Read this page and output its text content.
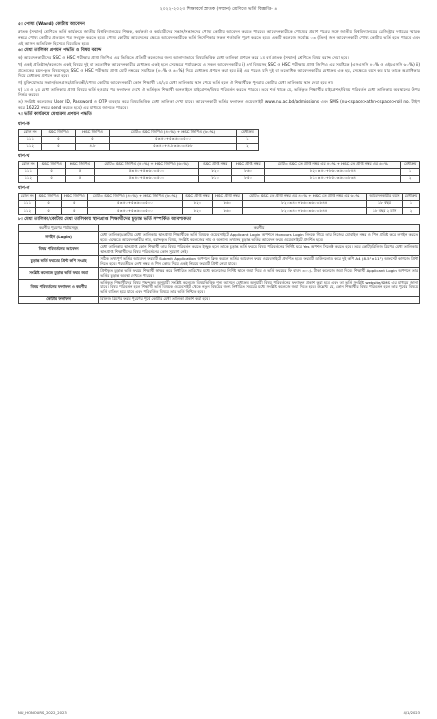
২০২২-২০২৩ শিক্ষাবর্ষে স্নাতক (সম্মান) শ্রেণিতে ভর্তি বিজ্ঞপ্তি- ৪
৫। পোষ্য (Ward) কোটায় আবেদন
স্নাতক (সম্মান) শ্রেণিতে ভর্তি কার্যক্রমে জাতীয় বিশ্ববিদ্যালয়ের শিক্ষক, কর্মকর্তা ও কর্মচারীদের সন্তান/সন্তানদের পোষ্য কোটায় আবেদন করতে পারবে। আবেদনকারীকে পোষ্যের প্রমাণ পত্রের সঙ্গে জাতীয় বিশ্ববিদ্যালয়ের রেজিস্ট্রার দপ্তরের স্মারক নম্বরে পোষ্য কোটার প্রত্যয়ন পত্র সংযুক্ত করতে হবে। পোষ্য কোটায় আবেদনের ক্ষেত্রে আবেদনকারীকে ভর্তি নির্দেশিকার সকল শর্তাবলি পূরণ করতে হবে। একটি কলেজে সর্বোচ্চ ০৩ (তিন) জন আবেদনকারী পোষ্য কোটায় ভর্তি হতে পারবে এবং এই আসন অতিরিক্ত হিসেবে বিবেচিত হবে।
৬। মেধা তালিকা প্রণয়ন পদ্ধতি ও বিষয় বরাদ্দ
ক) আবেদনকারীদের SSC ও HSC পরীক্ষার প্রাপ্ত জিপিএ এর ভিত্তিতে প্রতিটি কলেজের জন্য আলাদাভাবে বিষয়ভিত্তিক মেধা তালিকা প্রণয়ন করে ১ম বর্ষ স্নাতক (সম্মান) শ্রেণিতে বিষয় বরাদ্দ দেয়া হবে।
খ) একই প্রতিষ্ঠান/কলেজে একই বিষয়ে দুই বা ততোধিক আবেদনকারীর মেধাক্রম একই হলে সেক্ষেত্রে পর্যায়ক্রমে এ সকল আবেদনকারীর i) ৪র্থ বিষয়সহ SSC ও HSC পরীক্ষায় প্রাপ্ত জিপিএ এর সমষ্টিকে (এসএসসি ৪০% ও এইচএসসি ৬০%) ii) প্রত্যেকের চয়ন-কৃত বিষয়সমূহে SSC ও HSC পরীক্ষায় প্রাপ্ত মোট নম্বরের সমষ্টিকে (৪০% ও ৬০%) দিয়ে মেধাক্রম প্রণয়ন করা হবে iii) এর পরেও যদি দুই বা ততোধিক আবেদনকারীর মেধাক্রম এক হয়, সেক্ষেত্রে বয়স কম যার তাকে অগ্রাধিকার দিয়ে মেধাক্রম প্রণয়ন করা হবে।
গ) মুক্তিযোদ্ধার সন্তান/অনগ্রসর/প্রতিবন্ধী/পোষ্য কোটায় আবেদনকারী কোন শিক্ষার্থী ১ম/২য় মেধা তালিকায় স্থান পেয়ে ভর্তি হলে ঐ শিক্ষার্থীকে পুনরায় কোটার মেধা তালিকায় স্থান দেয়া হবে না।
ঘ) ১ম ও ২য় মেধা তালিকায় প্রাপ্ত বিষয়ে ভর্তি হওয়ার পর ফলাফল দেখে ঐ ভর্তিকৃত শিক্ষার্থী অনলাইনে মাইগ্রেশন/বিষয় পরিবর্তন করতে পারবে। তবে শর্ত থাকে যে, ভর্তিকৃত শিক্ষার্থীর মাইগ্রেশন/বিষয় পরিবর্তন মেধা তালিকায় অবস্থানের উপর নির্ভর করবে।
ঙ) সংশ্লিষ্ট কলেজের User ID, Password ও OTP ব্যবহার করে বিষয়ভিত্তিক মেধা তালিকা দেখা যাবে। আবেদনকারী ভর্তির ফলাফল ওয়েবসাইট www.nu.ac.bd/admissions এবং SMS (nu<space>athn<space>roll no. টাইপ করে 16222 নম্বরে send করতে হবে) এর মাধ্যমে জানতে পারবে।
৭। ভর্তি কার্যক্রমে মেধাক্রম প্রণয়ন পদ্ধতি
ধাপ-ক
রোল নং	SSC জিপিএ	HSC জিপিএ	মোট= SSC জিপিএ (৪০%) + HSC জিপিএ (৬০%)	মেধাক্রম
১১১	৫	৫	৫×৪০+৫×৬০=৫০০	১
১১২	৫	৪.৮	৫×৪০+৪.৮×৬০=৪৮৮	২
ধাপ-খ
রোল নং	SSC জিপিএ	HSC জিপিএ	মোট= SSC জিপিএ (৪০%) + HSC জিপিএ (৬০%)	SSC প্রাপ্ত নম্বর	HSC প্রাপ্ত নম্বর	মোট= SSC তে প্রাপ্ত নম্বর এর ৪০% + HSC তে প্রাপ্ত নম্বর এর ৬০%	মেধাক্রম
১১১	৫	৫	৫×৪০+৫×৬০=৫০০	৮২০	৮৬০	৮২০×৪০+৮৬০×৬০=৮৪৪	১
১১২	৫	৫	৫×৪০+৫×৬০=৫০০	৮১০	৮৫০	৮১০×৪০+৮৫০×৬০=৮৩৪	২
ধাপ-গ
রোল নং	SSC জিপিএ	HSC জিপিএ	মোট= SSC জিপিএ (৪০%) + HSC জিপিএ (৬০%)	SSC প্রাপ্ত নম্বর	HSC প্রাপ্ত নম্বর	মোট= SSC তে প্রাপ্ত নম্বর এর ৪০% + HSC তে প্রাপ্ত নম্বর এর ৬০%	আবেদনকারীর বয়স	মেধাক্রম
১১১	৫	৫	৫×৪০+৫×৬০=৫০০	৮২০	৮৬০	৮২০×৪০+৮৬০×৬০=৮৪৪	১৮ বছর	১
১১২	৫	৫	৫×৪০+৫×৬০=৫০০	৮২০	৮৬০	৮২০×৪০+৮৬০×৬০=৮৪৪	১৮ বছর ২ মাস	২
৮। মেধা তালিকা/কোটায় মেধা তালিকায় স্থানপ্রাপ্ত শিক্ষার্থীদের চূড়ান্ত ভর্তি সম্পর্কিত আবশ্যকতা
করণীয় পূরণের পর্যায়সমূহ	করণীয়
লগইন (Login)	মেধা তালিকা/কোটায় মেধা তালিকায় স্থানপ্রাপ্ত শিক্ষার্থীকে ভর্তি বিষয়ক ওয়েবসাইটে Applicant Login অপশনে Honours Login লিংকে গিয়ে তার নিজের মোবাইল নম্বর ও পিন প্রবিষ্ট করে লগইন করতে হবে। এক্ষেত্রে আবেদনকারীর নাম, বরাদ্দকৃত বিষয়, সংশ্লিষ্ট কলেজের নাম ও অন্যান্য তথ্যসহ চূড়ান্ত ভর্তির আবেদন ফরম ওয়েবসাইটে প্রদর্শিত হবে।
বিষয় পরিবর্তনের আবেদন	মেধা তালিকায় স্থানপ্রাপ্ত কোন শিক্ষার্থী তার বিষয় পরিবর্তন করতে ইচ্ছুক হলে তাকে চূড়ান্ত ভর্তি ফরমে বিষয় পরিবর্তনের নির্দিষ্ট ঘরে Yes অপশন সিলেক্ট করতে হবে। তবে কোটা/রিলিজ স্লিপের মেধা তালিকায় স্থানপ্রাপ্ত শিক্ষার্থীদের বিষয় পরিবর্তনের কোন সুযোগ নেই।
চূড়ান্ত ভর্তি ফরমের প্রিন্ট কপি সংগ্রহ	সঠিক তথ্যপূর্ণ ভর্তির আবেদন ফরমটি Submit Application অপশনে ক্লিক করলে ভর্তির আবেদন ফরম ওয়েবসাইটে প্রদর্শিত হবে। ফরমটি ডাউনলোড করে দুই কপি A4 (8.5"×11") অফসেট কাগজে প্রিন্ট নিতে হবে। পরবর্তীতে লেখ নম্বর ও পিন কোড দিয়ে একই নিয়মে ফরমটি প্রিন্ট নেয়া যাবে।
সংশ্লিষ্ট কলেজে চূড়ান্ত ভর্তি ফরম জমা	প্রিন্টকৃত চূড়ান্ত ভর্তি ফরমে শিক্ষার্থী স্বাক্ষর করে নির্ধারিত তারিখের মধ্যে কলেজের নির্দিষ্ট স্থানে জমা দিবে ও ভর্তি ফরমের ফি বাবদ ৩০০/- টাকা কলেজে জমা দিবে। শিক্ষার্থী Applicant Login অপশনে তার ভর্তির চূড়ান্ত অবস্থা দেখতে পারবে।
বিষয় পরিবর্তনের ফলাফল ও করণীয়	ভর্তিকৃত শিক্ষার্থীদের বিষয় পছন্দক্রম অনুযায়ী সংশ্লিষ্ট কলেজে বিষয়ভিত্তিক শূন্য আসনে মেধাক্রম অনুযায়ী বিষয় পরিবর্তনের ফলাফল প্রকাশ করা হবে এবং তা ভর্তি সংশ্লিষ্ট website/SMS এর মাধ্যমে জানা যাবে। বিষয় পরিবর্তন হলে শিক্ষার্থী ভর্তি বিষয়ক ওয়েবসাইট থেকে নতুন বিষয়ের জন্য নির্ধারিত সময়ের মধ্যে সংশ্লিষ্ট কলেজে জমা দিতে হবে। উল্লেখ্য যে, কোন শিক্ষার্থীর বিষয় পরিবর্তন হলে তার পূর্বের বিষয়ে ভর্তি বাতিল হয়ে যাবে এবং পরিবর্তিত বিষয়ে তার ভর্তি নিশ্চিত হবে।
কোটার ফলাফল	রিলিজ স্লিপের ফরম পূরণের পূর্বে কোটার মেধা তালিকা প্রকাশ করা হবে।
NU_HONOURS_2022_2023	4/1/2023
